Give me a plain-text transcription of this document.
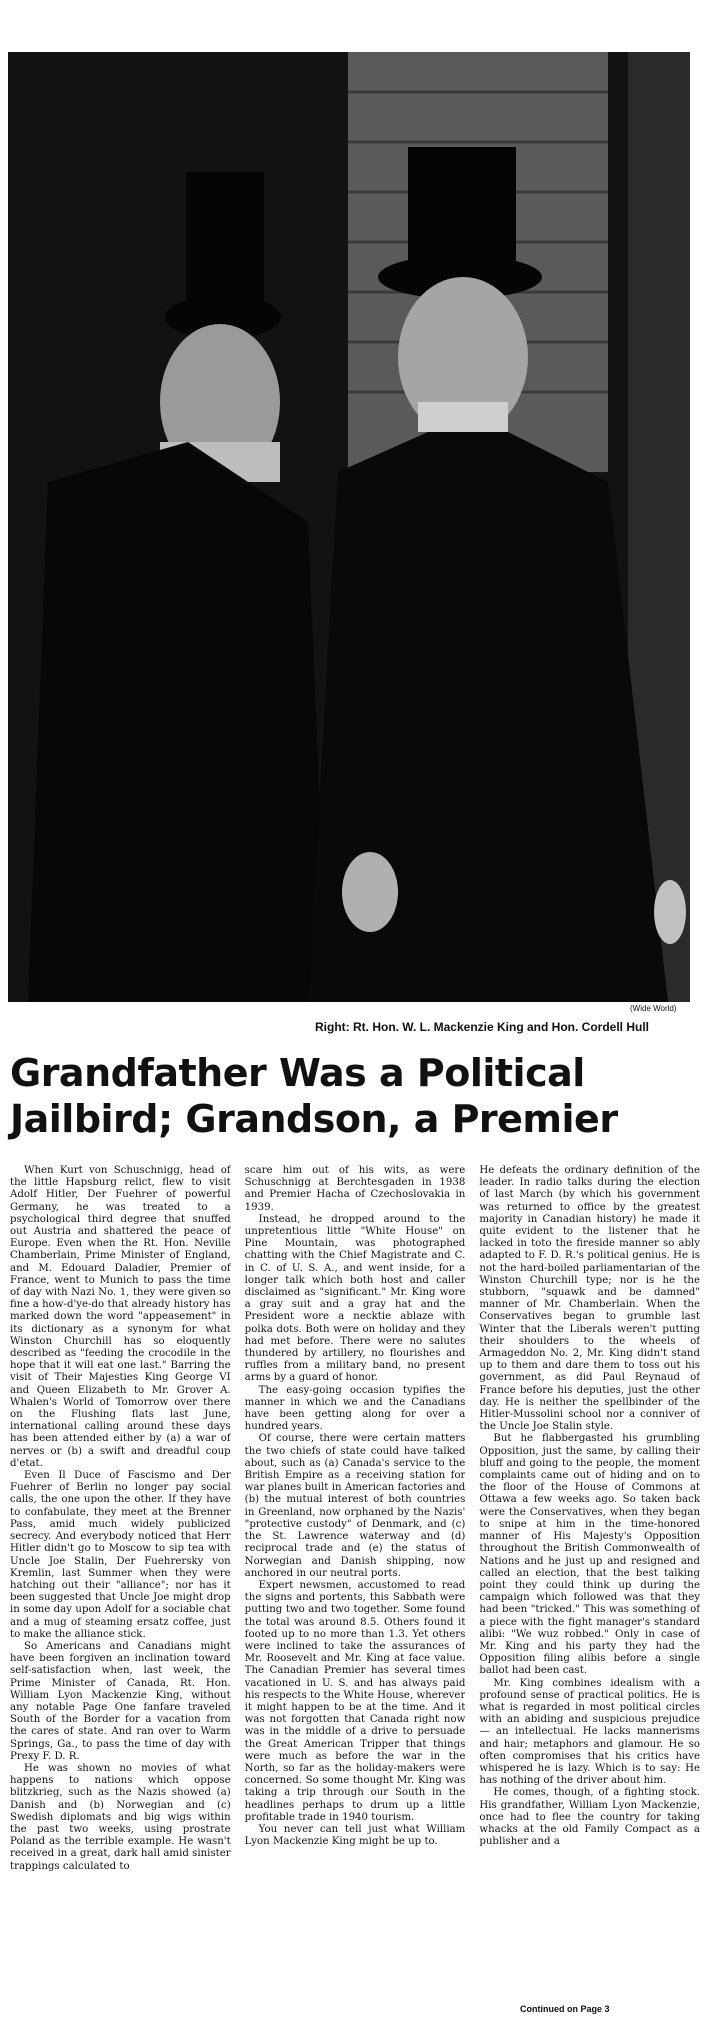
(Wide World)
Right: Rt. Hon. W. L. Mackenzie King and Hon. Cordell Hull
Grandfather Was a Political
Jailbird; Grandson, a Premier

When Kurt von Schuschnigg, head of the little Hapsburg relict, flew to visit Adolf Hitler, Der Fuehrer of powerful Germany, he was treated to a psychological third degree that snuffed out Austria and shattered the peace of Europe. Even when the Rt. Hon. Neville Chamberlain, Prime Minister of England, and M. Edouard Daladier, Premier of France, went to Munich to pass the time of day with Nazi No. 1, they were given so fine a how-d'ye-do that already history has marked down the word "appeasement" in its dictionary as a synonym for what Winston Churchill has so eloquently described as "feeding the crocodile in the hope that it will eat one last." Barring the visit of Their Majesties King George VI and Queen Elizabeth to Mr. Grover A. Whalen's World of Tomorrow over there on the Flushing flats last June, international calling around these days has been attended either by (a) a war of nerves or (b) a swift and dreadful coup d'etat.

Even Il Duce of Fascismo and Der Fuehrer of Berlin no longer pay social calls, the one upon the other. If they have to confabulate, they meet at the Brenner Pass, amid much widely publicized secrecy. And everybody noticed that Herr Hitler didn't go to Moscow to sip tea with Uncle Joe Stalin, Der Fuehrersky von Kremlin, last Summer when they were hatching out their "alliance"; nor has it been suggested that Uncle Joe might drop in some day upon Adolf for a sociable chat and a mug of steaming ersatz coffee, just to make the alliance stick.

So Americans and Canadians might have been forgiven an inclination toward self-satisfaction when, last week, the Prime Minister of Canada, Rt. Hon. William Lyon Mackenzie King, without any notable Page One fanfare traveled South of the Border for a vacation from the cares of state. And ran over to Warm Springs, Ga., to pass the time of day with Prexy F. D. R.

He was shown no movies of what happens to nations which oppose blitzkrieg, such as the Nazis showed (a) Danish and (b) Norwegian and (c) Swedish diplomats and big wigs within the past two weeks, using prostrate Poland as the terrible example. He wasn't received in a great, dark hall amid sinister trappings calculated to

scare him out of his wits, as were Schuschnigg at Berchtesgaden in 1938 and Premier Hacha of Czechoslovakia in 1939.

Instead, he dropped around to the unpretentious little "White House" on Pine Mountain, was photographed chatting with the Chief Magistrate and C. in C. of U. S. A., and went inside, for a longer talk which both host and caller disclaimed as "significant." Mr. King wore a gray suit and a gray hat and the President wore a necktie ablaze with polka dots. Both were on holiday and they had met before. There were no salutes thundered by artillery, no flourishes and ruffles from a military band, no present arms by a guard of honor.

The easy-going occasion typifies the manner in which we and the Canadians have been getting along for over a hundred years.

Of course, there were certain matters the two chiefs of state could have talked about, such as (a) Canada's service to the British Empire as a receiving station for war planes built in American factories and (b) the mutual interest of both countries in Greenland, now orphaned by the Nazis' "protective custody" of Denmark, and (c) the St. Lawrence waterway and (d) reciprocal trade and (e) the status of Norwegian and Danish shipping, now anchored in our neutral ports.

Expert newsmen, accustomed to read the signs and portents, this Sabbath were putting two and two together. Some found the total was around 8.5. Others found it footed up to no more than 1.3. Yet others were inclined to take the assurances of Mr. Roosevelt and Mr. King at face value. The Canadian Premier has several times vacationed in U. S. and has always paid his respects to the White House, wherever it might happen to be at the time. And it was not forgotten that Canada right now was in the middle of a drive to persuade the Great American Tripper that things were much as before the war in the North, so far as the holiday-makers were concerned. So some thought Mr. King was taking a trip through our South in the headlines perhaps to drum up a little profitable trade in 1940 tourism.

You never can tell just what William Lyon Mackenzie King might be up to.

He defeats the ordinary definition of the leader. In radio talks during the election of last March (by which his government was returned to office by the greatest majority in Canadian history) he made it quite evident to the listener that he lacked in toto the fireside manner so ably adapted to F. D. R.'s political genius. He is not the hard-boiled parliamentarian of the Winston Churchill type; nor is he the stubborn, "squawk and be damned" manner of Mr. Chamberlain. When the Conservatives began to grumble last Winter that the Liberals weren't putting their shoulders to the wheels of Armageddon No. 2, Mr. King didn't stand up to them and dare them to toss out his government, as did Paul Reynaud of France before his deputies, just the other day. He is neither the spellbinder of the Hitler-Mussolini school nor a conniver of the Uncle Joe Stalin style.

But he flabbergasted his grumbling Opposition, just the same, by calling their bluff and going to the people, the moment complaints came out of hiding and on to the floor of the House of Commons at Ottawa a few weeks ago. So taken back were the Conservatives, when they began to snipe at him in the time-honored manner of His Majesty's Opposition throughout the British Commonwealth of Nations and he just up and resigned and called an election, that the best talking point they could think up during the campaign which followed was that they had been "tricked." This was something of a piece with the fight manager's standard alibi: "We wuz robbed." Only in case of Mr. King and his party they had the Opposition filing alibis before a single ballot had been cast.

Mr. King combines idealism with a profound sense of practical politics. He is what is regarded in most political circles with an abiding and suspicious prejudice — an intellectual. He lacks mannerisms and hair; metaphors and glamour. He so often compromises that his critics have whispered he is lazy. Which is to say: He has nothing of the driver about him.

He comes, though, of a fighting stock. His grandfather, William Lyon Mackenzie, once had to flee the country for taking whacks at the old Family Compact as a publisher and a

Continued on Page 3
